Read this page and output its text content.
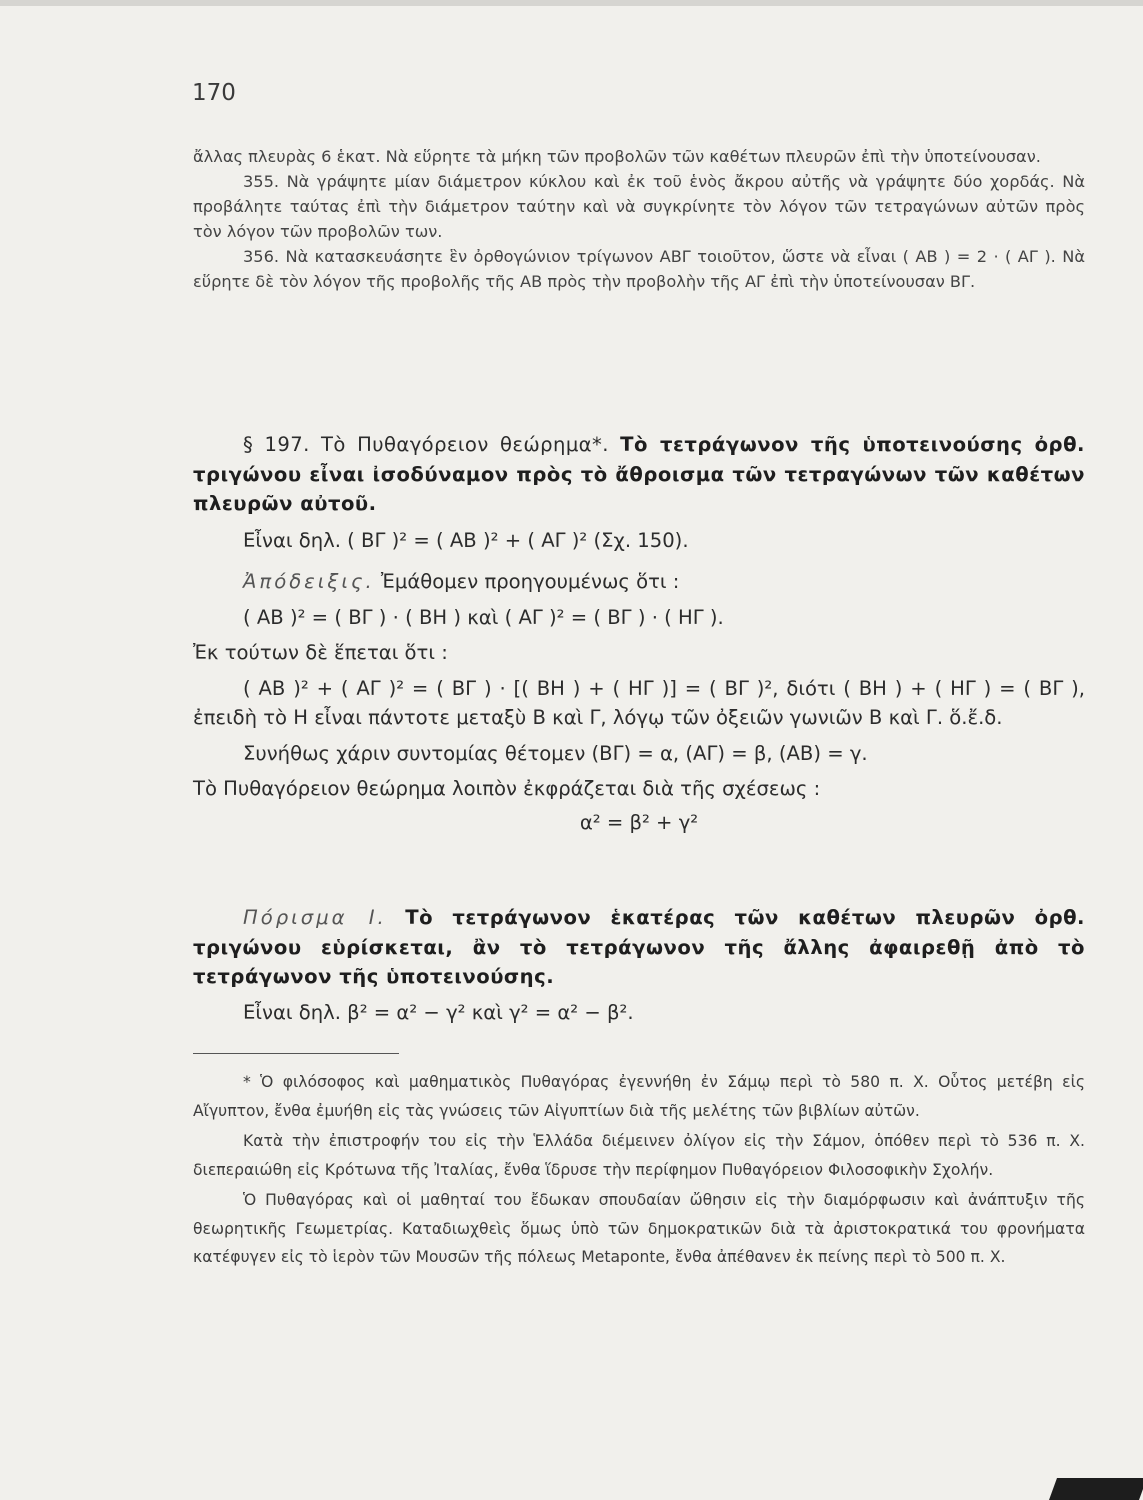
170

ἄλλας πλευρὰς 6 ἑκατ. Νὰ εὕρητε τὰ μήκη τῶν προβολῶν τῶν καθέτων πλευρῶν ἐπὶ τὴν ὑποτείνουσαν.

355. Νὰ γράψητε μίαν διάμετρον κύκλου καὶ ἐκ τοῦ ἑνὸς ἄκρου αὐτῆς νὰ γράψητε δύο χορδάς. Νὰ προβάλητε ταύτας ἐπὶ τὴν διάμετρον ταύτην καὶ νὰ συγκρίνητε τὸν λόγον τῶν τετραγώνων αὐτῶν πρὸς τὸν λόγον τῶν προβολῶν των.

356. Νὰ κατασκευάσητε ἓν ὀρθογώνιον τρίγωνον ΑΒΓ τοιοῦτον, ὥστε νὰ εἶναι ( ΑΒ ) = 2 · ( ΑΓ ). Νὰ εὕρητε δὲ τὸν λόγον τῆς προβολῆς τῆς ΑΒ πρὸς τὴν προβολὴν τῆς ΑΓ ἐπὶ τὴν ὑποτείνουσαν ΒΓ.

§ 197. Τὸ Πυθαγόρειον θεώρημα*. Τὸ τετράγωνον τῆς ὑποτεινούσης ὀρθ. τριγώνου εἶναι ἰσοδύναμον πρὸς τὸ ἄθροισμα τῶν τετραγώνων τῶν καθέτων πλευρῶν αὐτοῦ.

Εἶναι δηλ. ( ΒΓ )² = ( ΑΒ )² + ( ΑΓ )² (Σχ. 150).

Ἀπόδειξις. Ἐμάθομεν προηγουμένως ὅτι :

( ΑΒ )² = ( ΒΓ ) · ( ΒΗ ) καὶ ( ΑΓ )² = ( ΒΓ ) · ( ΗΓ ).

Ἐκ τούτων δὲ ἕπεται ὅτι :

( ΑΒ )² + ( ΑΓ )² = ( ΒΓ ) · [( ΒΗ ) + ( ΗΓ )] = ( ΒΓ )², διότι ( ΒΗ ) + ( ΗΓ ) = ( ΒΓ ), ἐπειδὴ τὸ Η εἶναι πάντοτε μεταξὺ Β καὶ Γ, λόγῳ τῶν ὀξειῶν γωνιῶν Β καὶ Γ. ὅ.ἔ.δ.

Συνήθως χάριν συντομίας θέτομεν (ΒΓ) = α, (ΑΓ) = β, (ΑΒ) = γ.

Τὸ Πυθαγόρειον θεώρημα λοιπὸν ἐκφράζεται διὰ τῆς σχέσεως :

α² = β² + γ²

Πόρισμα I. Τὸ τετράγωνον ἑκατέρας τῶν καθέτων πλευρῶν ὀρθ. τριγώνου εὑρίσκεται, ἂν τὸ τετράγωνον τῆς ἄλλης ἀφαιρεθῇ ἀπὸ τὸ τετράγωνον τῆς ὑποτεινούσης.

Εἶναι δηλ. β² = α² − γ² καὶ γ² = α² − β².

* Ὁ φιλόσοφος καὶ μαθηματικὸς Πυθαγόρας ἐγεννήθη ἐν Σάμῳ περὶ τὸ 580 π. Χ. Οὗτος μετέβη εἰς Αἴγυπτον, ἔνθα ἐμυήθη εἰς τὰς γνώσεις τῶν Αἰγυπτίων διὰ τῆς μελέτης τῶν βιβλίων αὐτῶν.

Κατὰ τὴν ἐπιστροφήν του εἰς τὴν Ἑλλάδα διέμεινεν ὀλίγον εἰς τὴν Σάμον, ὁπόθεν περὶ τὸ 536 π. Χ. διεπεραιώθη εἰς Κρότωνα τῆς Ἰταλίας, ἔνθα ἵδρυσε τὴν περίφημον Πυθαγόρειον Φιλοσοφικὴν Σχολήν.

Ὁ Πυθαγόρας καὶ οἱ μαθηταί του ἔδωκαν σπουδαίαν ὤθησιν εἰς τὴν διαμόρφωσιν καὶ ἀνάπτυξιν τῆς θεωρητικῆς Γεωμετρίας. Καταδιωχθεὶς ὅμως ὑπὸ τῶν δημοκρατικῶν διὰ τὰ ἀριστοκρατικά του φρονήματα κατέφυγεν εἰς τὸ ἱερὸν τῶν Μουσῶν τῆς πόλεως Metaponte, ἔνθα ἀπέθανεν ἐκ πείνης περὶ τὸ 500 π. Χ.
